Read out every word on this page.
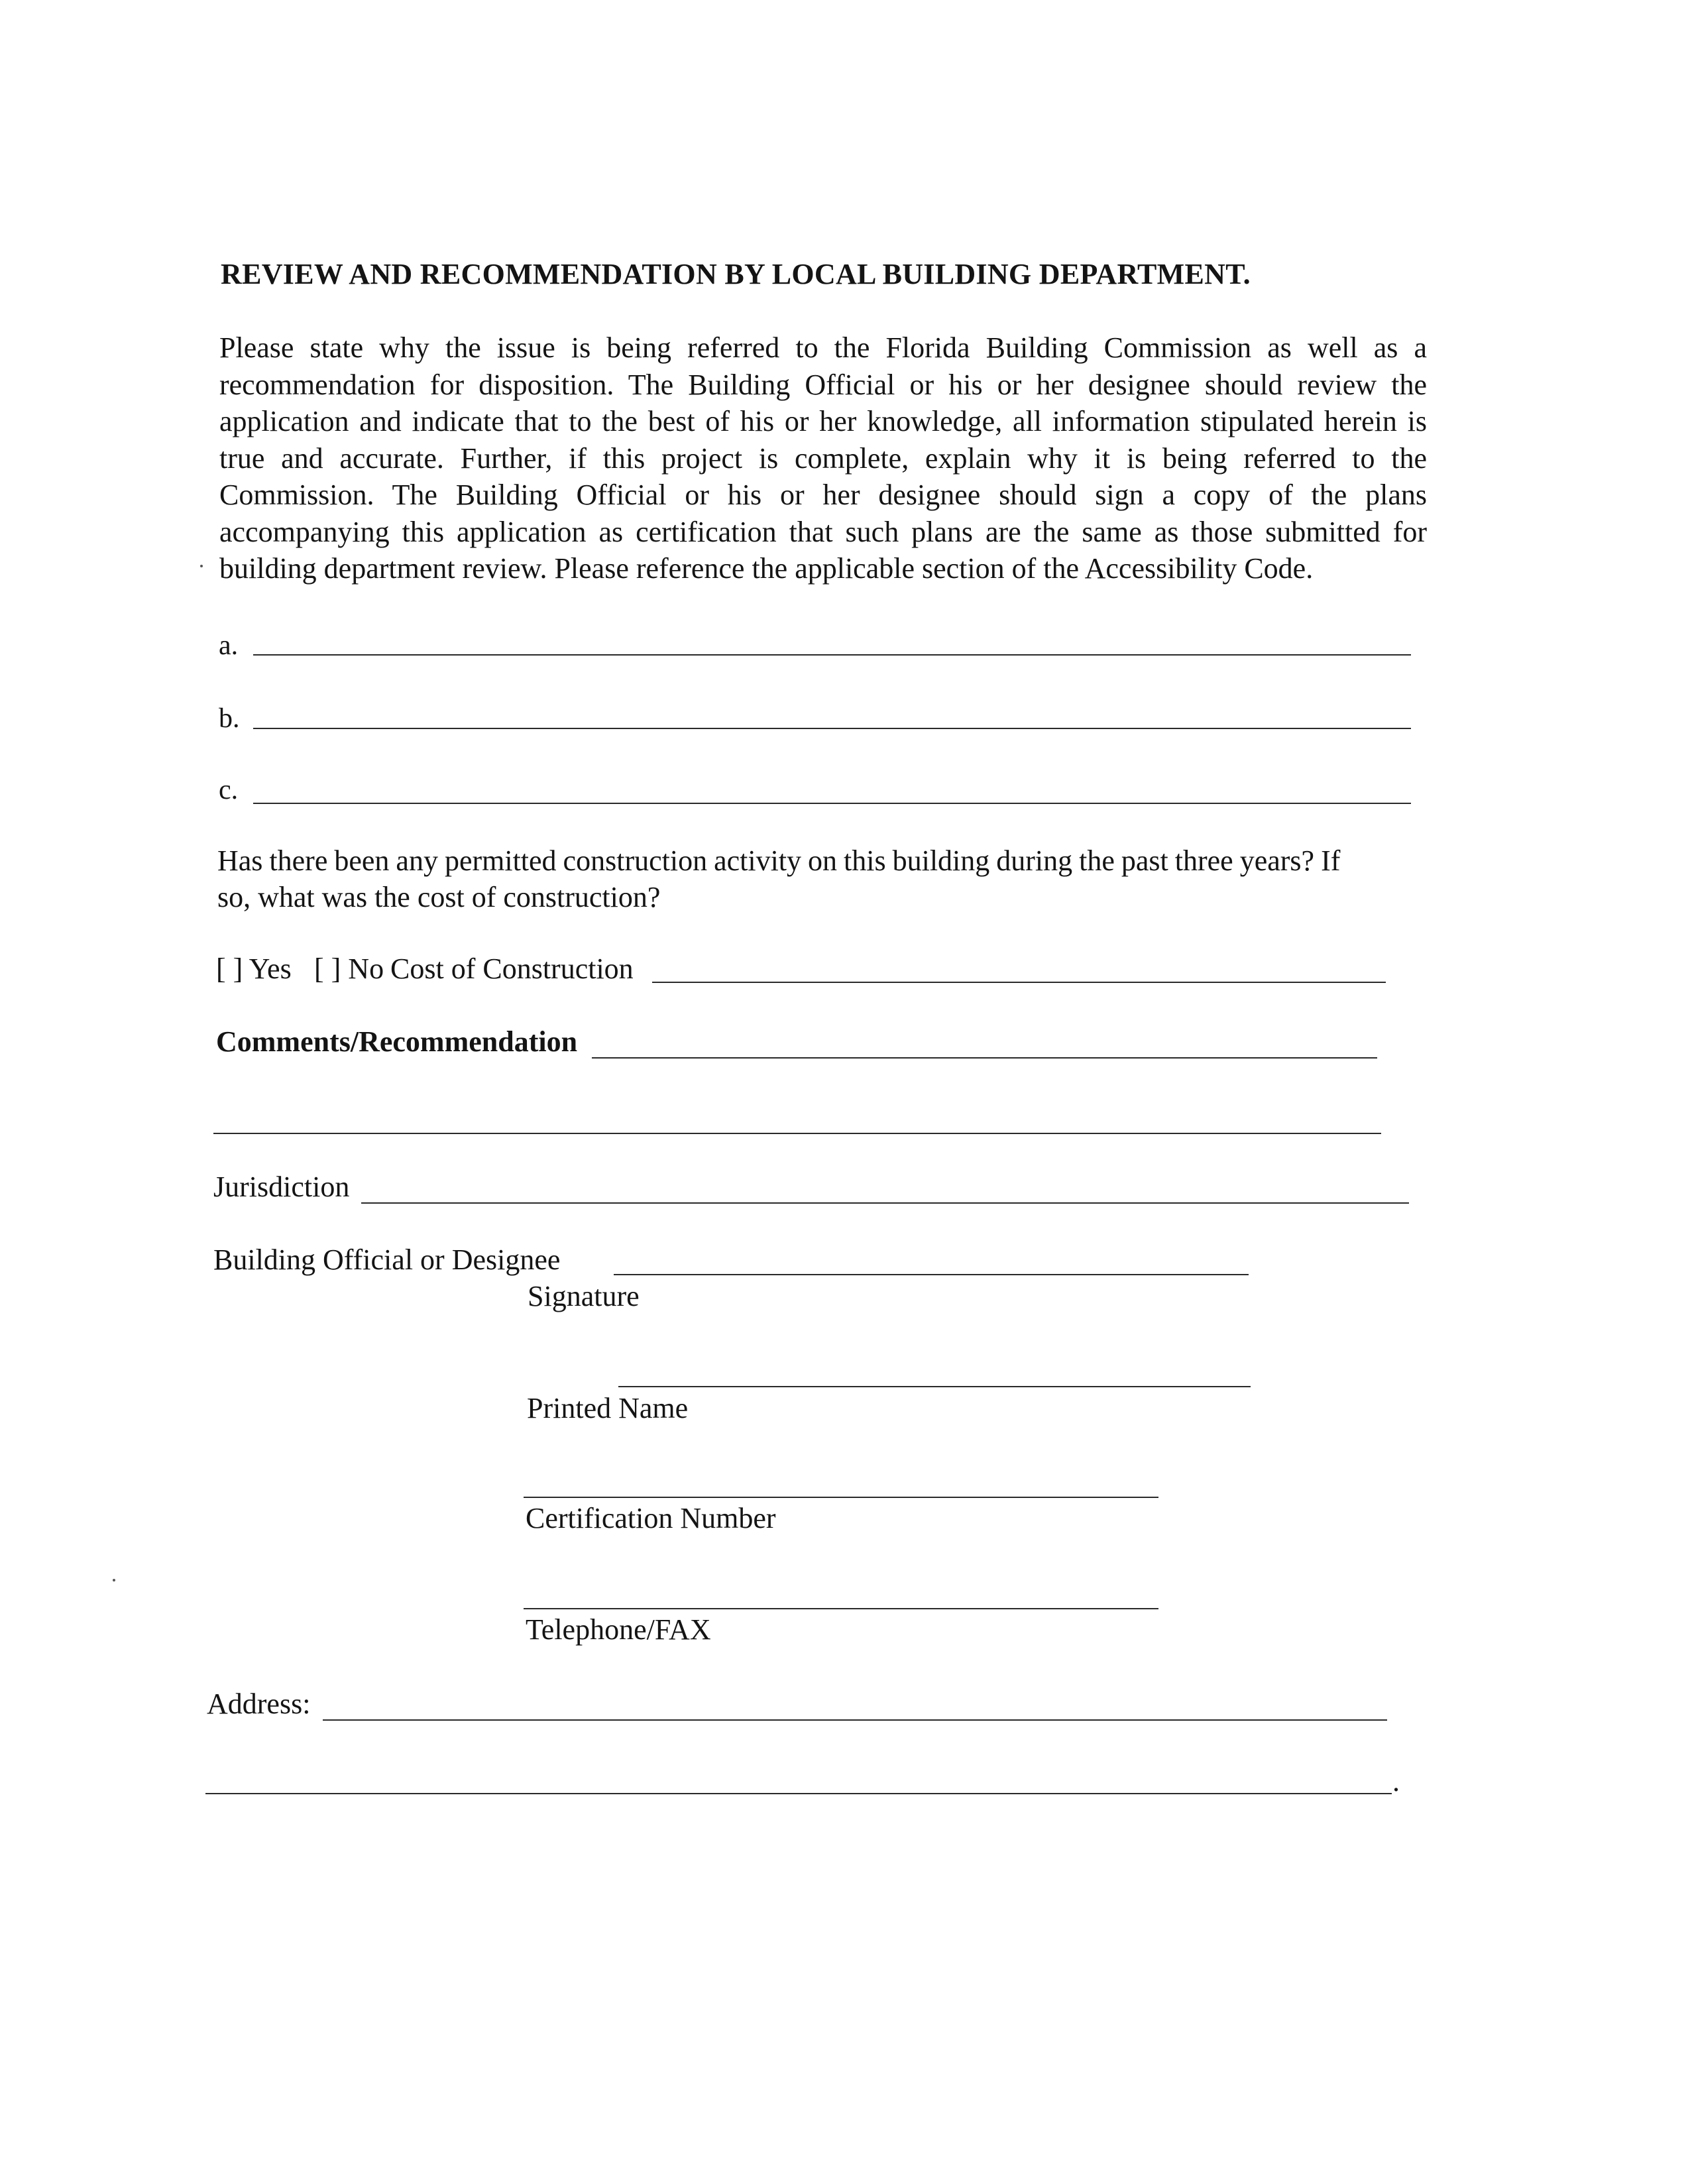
REVIEW AND RECOMMENDATION BY LOCAL BUILDING DEPARTMENT.

Please state why the issue is being referred to the Florida Building Commission as well as a recommendation for disposition. The Building Official or his or her designee should review the application and indicate that to the best of his or her knowledge, all information stipulated herein is true and accurate. Further, if this project is complete, explain why it is being referred to the Commission. The Building Official or his or her designee should sign a copy of the plans accompanying this application as certification that such plans are the same as those submitted for building department review. Please reference the applicable section of the Accessibility Code.

a.
b.
c.
Has there been any permitted construction activity on this building during the past three years? If
so, what was the cost of construction?
[ ] Yes [ ] No Cost of Construction
Comments/Recommendation
Jurisdiction
Building Official or Designee
Signature
Printed Name
Certification Number
Telephone/FAX
Address:
.
